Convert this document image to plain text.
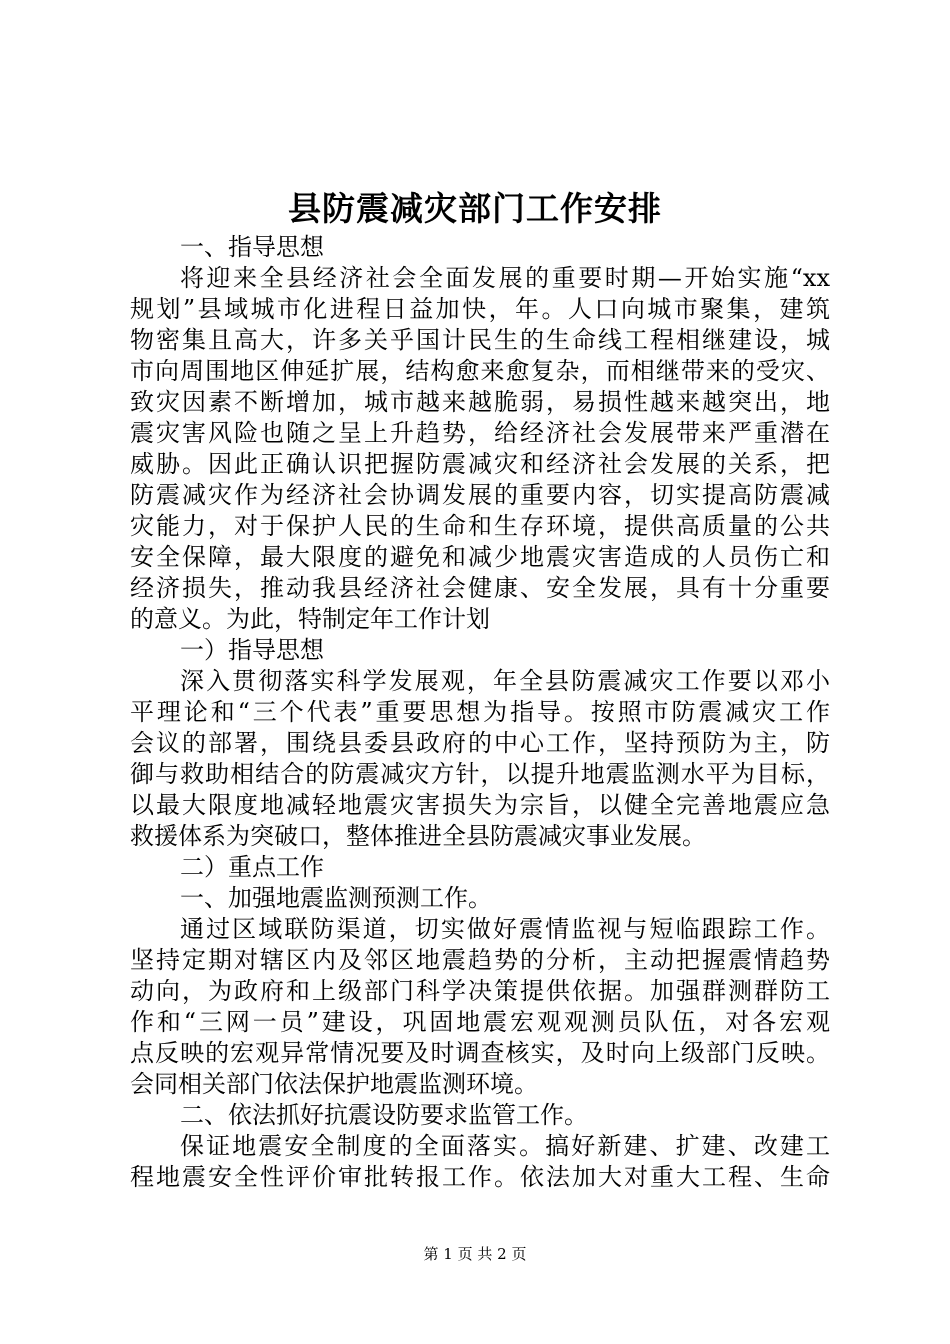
县防震减灾部门工作安排
一、指导思想
将迎来全县经济社会全面发展的重要时期—开始实施“xx
规划”县域城市化进程日益加快，年。人口向城市聚集，建筑
物密集且高大，许多关乎国计民生的生命线工程相继建设，城
市向周围地区伸延扩展，结构愈来愈复杂，而相继带来的受灾、
致灾因素不断增加，城市越来越脆弱，易损性越来越突出，地
震灾害风险也随之呈上升趋势，给经济社会发展带来严重潜在
威胁。因此正确认识把握防震减灾和经济社会发展的关系，把
防震减灾作为经济社会协调发展的重要内容，切实提高防震减
灾能力，对于保护人民的生命和生存环境，提供高质量的公共
安全保障，最大限度的避免和减少地震灾害造成的人员伤亡和
经济损失，推动我县经济社会健康、安全发展，具有十分重要
的意义。为此，特制定年工作计划
一）指导思想
深入贯彻落实科学发展观，年全县防震减灾工作要以邓小
平理论和“三个代表”重要思想为指导。按照市防震减灾工作
会议的部署，围绕县委县政府的中心工作，坚持预防为主，防
御与救助相结合的防震减灾方针，以提升地震监测水平为目标，
以最大限度地减轻地震灾害损失为宗旨，以健全完善地震应急
救援体系为突破口，整体推进全县防震减灾事业发展。
二）重点工作
一、加强地震监测预测工作。
通过区域联防渠道，切实做好震情监视与短临跟踪工作。
坚持定期对辖区内及邻区地震趋势的分析，主动把握震情趋势
动向，为政府和上级部门科学决策提供依据。加强群测群防工
作和“三网一员”建设，巩固地震宏观观测员队伍，对各宏观
点反映的宏观异常情况要及时调查核实，及时向上级部门反映。
会同相关部门依法保护地震监测环境。
二、依法抓好抗震设防要求监管工作。
保证地震安全制度的全面落实。搞好新建、扩建、改建工
程地震安全性评价审批转报工作。依法加大对重大工程、生命
第 1 页 共 2 页
